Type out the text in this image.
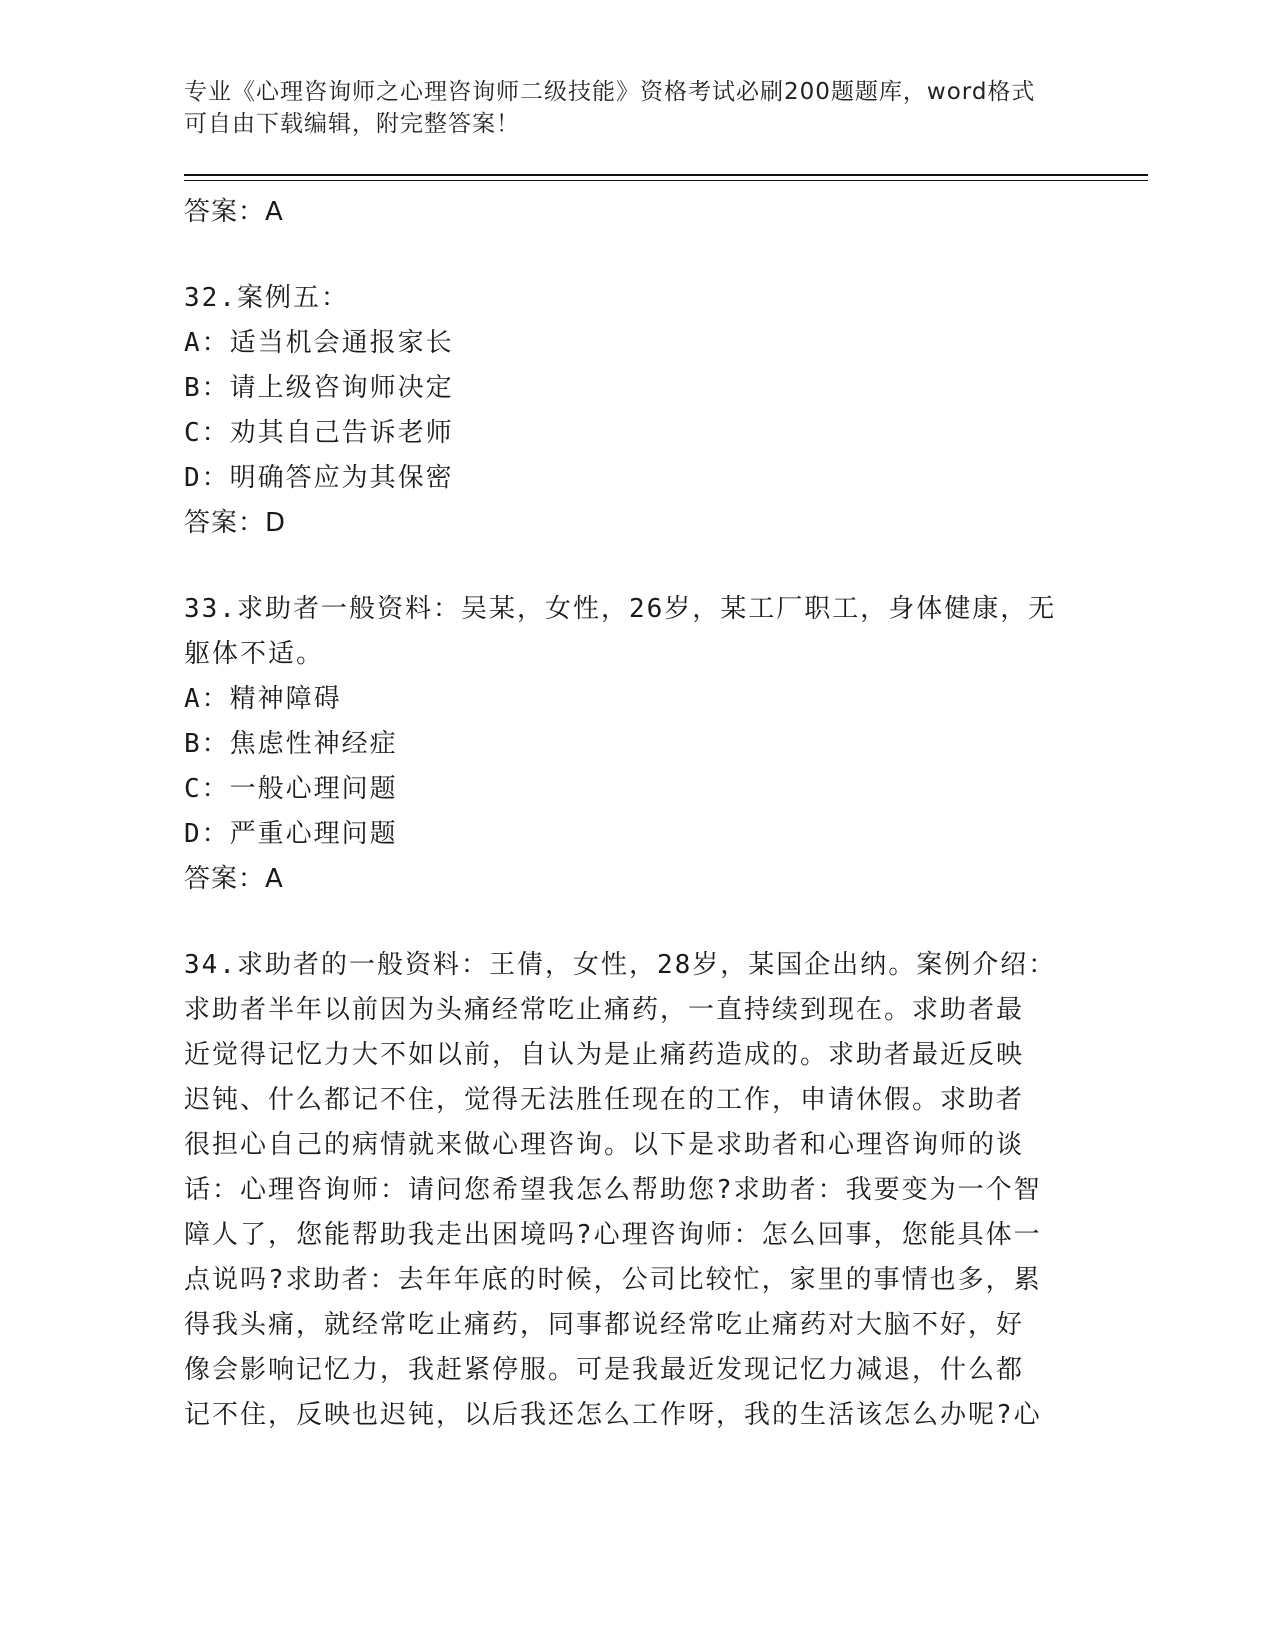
专业《心理咨询师之心理咨询师二级技能》资格考试必刷200题题库，word格式
可自由下载编辑，附完整答案！
答案：A
32.案例五：
A：适当机会通报家长
B：请上级咨询师决定
C：劝其自己告诉老师
D：明确答应为其保密
答案：D
33.求助者一般资料：吴某，女性，26岁，某工厂职工，身体健康，无
躯体不适。
A：精神障碍
B：焦虑性神经症
C：一般心理问题
D：严重心理问题
答案：A
34.求助者的一般资料：王倩，女性，28岁，某国企出纳。案例介绍：
求助者半年以前因为头痛经常吃止痛药，一直持续到现在。求助者最
近觉得记忆力大不如以前，自认为是止痛药造成的。求助者最近反映
迟钝、什么都记不住，觉得无法胜任现在的工作，申请休假。求助者
很担心自己的病情就来做心理咨询。以下是求助者和心理咨询师的谈
话：心理咨询师：请问您希望我怎么帮助您?求助者：我要变为一个智
障人了，您能帮助我走出困境吗?心理咨询师：怎么回事，您能具体一
点说吗?求助者：去年年底的时候，公司比较忙，家里的事情也多，累
得我头痛，就经常吃止痛药，同事都说经常吃止痛药对大脑不好，好
像会影响记忆力，我赶紧停服。可是我最近发现记忆力减退，什么都
记不住，反映也迟钝，以后我还怎么工作呀，我的生活该怎么办呢?心
